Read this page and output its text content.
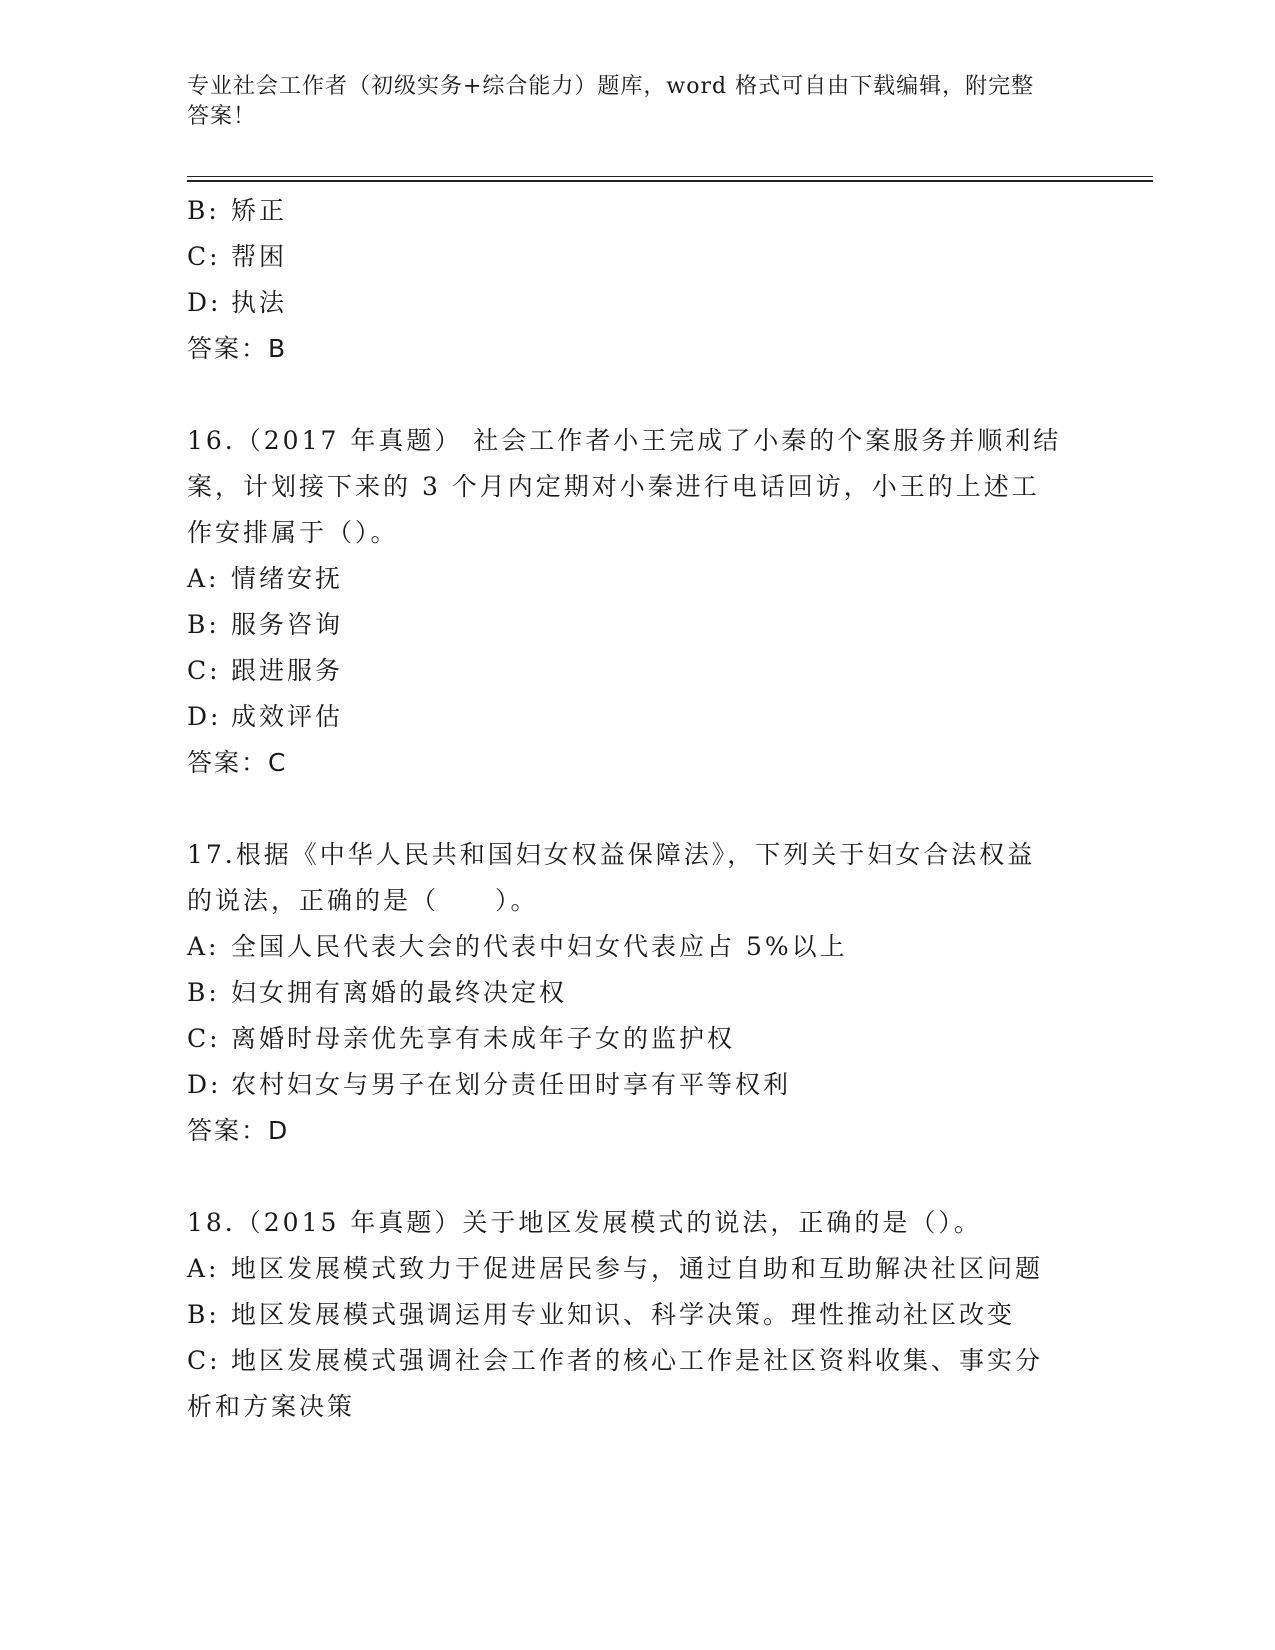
专业社会工作者（初级实务+综合能力）题库，word 格式可自由下载编辑，附完整
答案！
B: 矫正
C: 帮困
D: 执法
答案：B
16.（2017 年真题） 社会工作者小王完成了小秦的个案服务并顺利结
案，计划接下来的 3 个月内定期对小秦进行电话回访，小王的上述工
作安排属于（）。
A: 情绪安抚
B: 服务咨询
C: 跟进服务
D: 成效评估
答案：C
17.根据《中华人民共和国妇女权益保障法》，下列关于妇女合法权益
的说法，正确的是（　　）。
A: 全国人民代表大会的代表中妇女代表应占 5%以上
B: 妇女拥有离婚的最终决定权
C: 离婚时母亲优先享有未成年子女的监护权
D: 农村妇女与男子在划分责任田时享有平等权利
答案：D
18.（2015 年真题）关于地区发展模式的说法，正确的是（）。
A: 地区发展模式致力于促进居民参与，通过自助和互助解决社区问题
B: 地区发展模式强调运用专业知识、科学决策。理性推动社区改变
C: 地区发展模式强调社会工作者的核心工作是社区资料收集、事实分
析和方案决策
